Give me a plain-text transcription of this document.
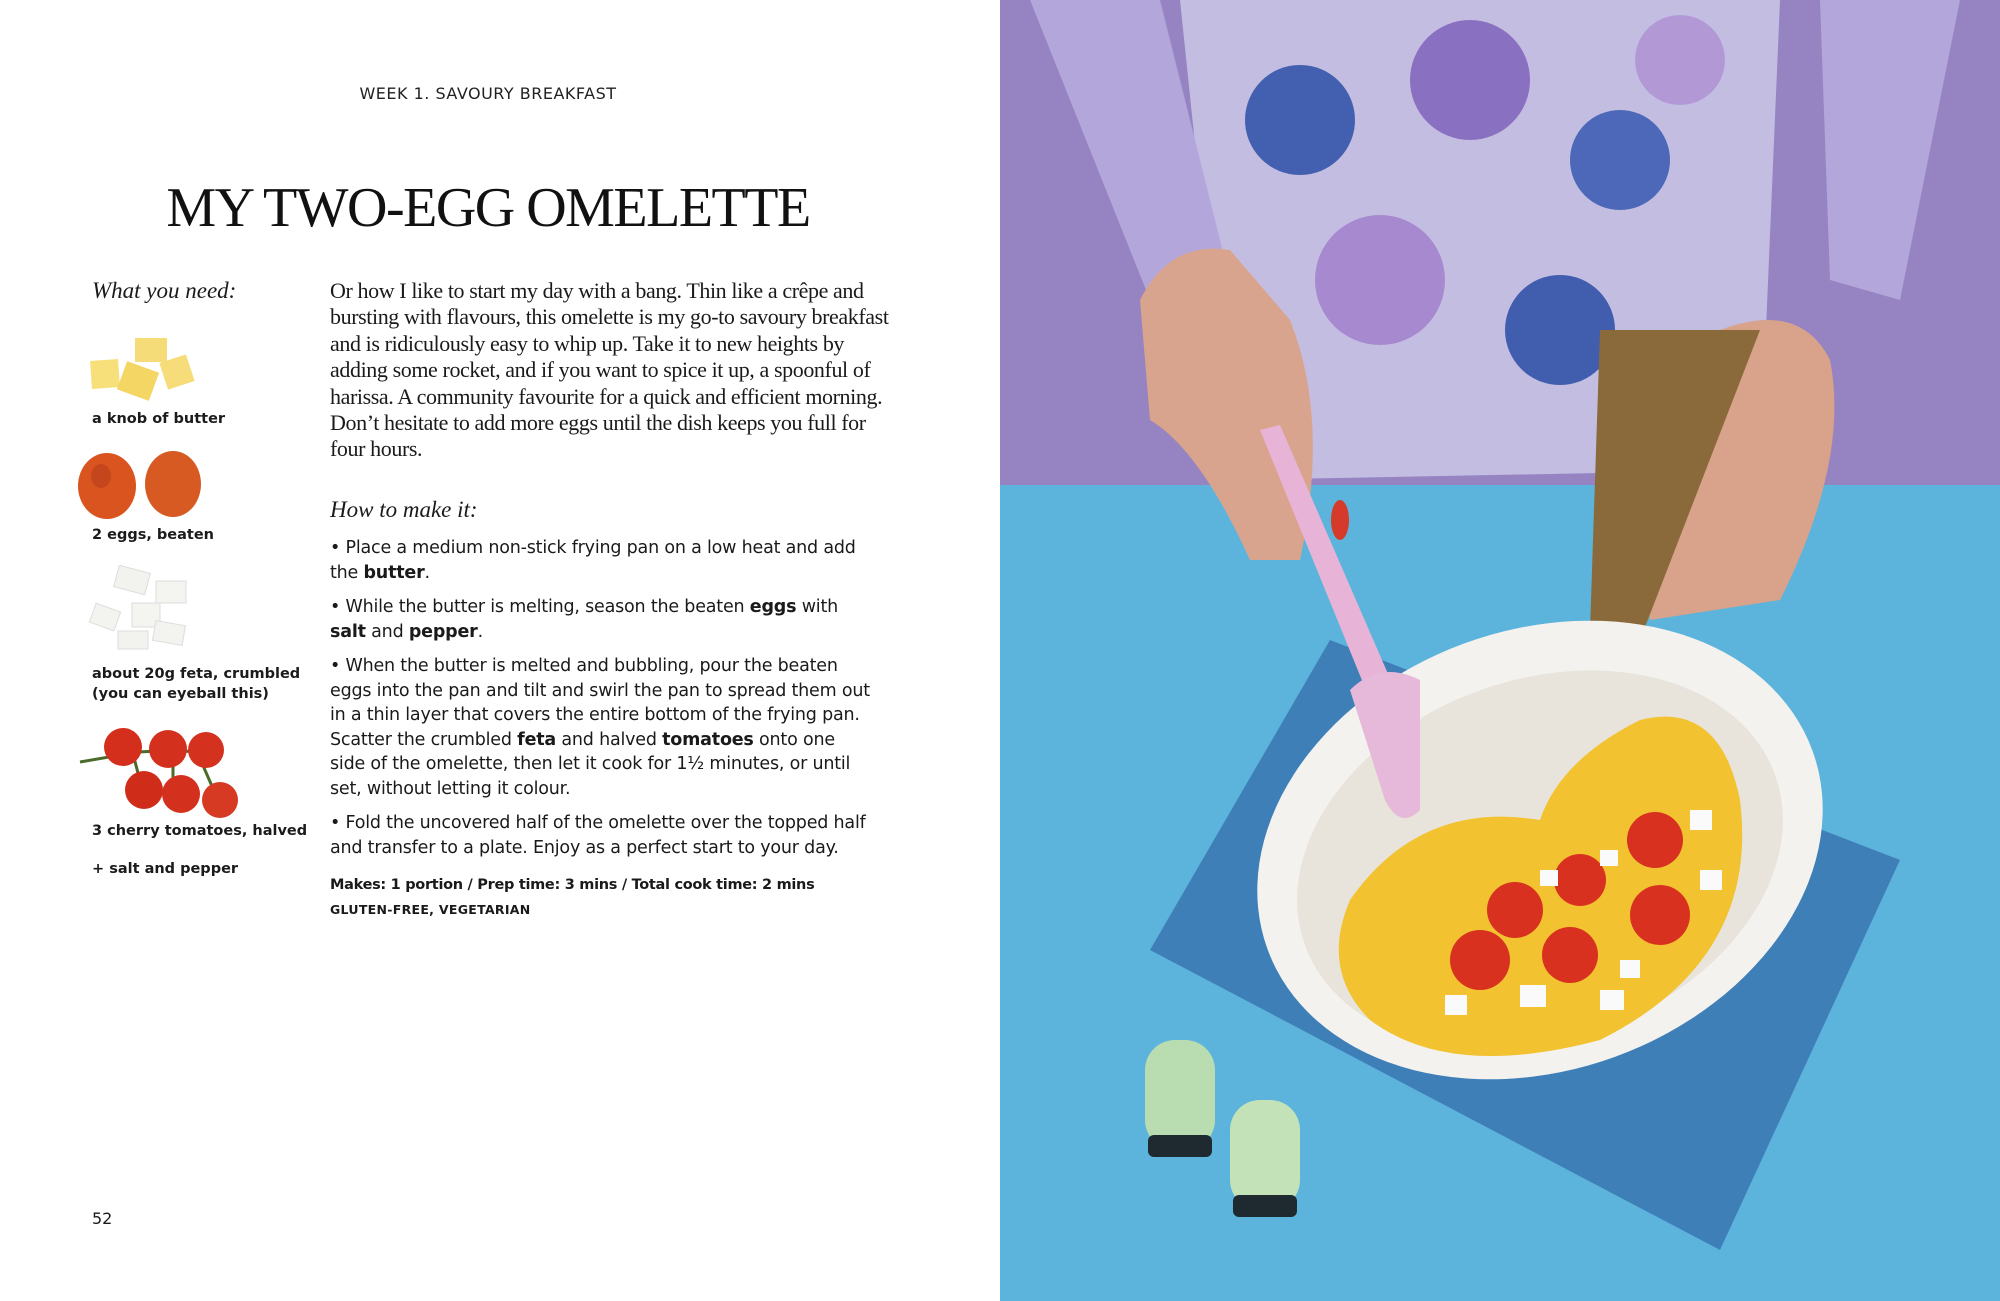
WEEK 1. SAVOURY BREAKFAST
MY TWO-EGG OMELETTE
What you need:
a knob of butter
2 eggs, beaten
about 20g feta, crumbled
(you can eyeball this)
3 cherry tomatoes, halved
+ salt and pepper
Or how I like to start my day with a bang. Thin like a crêpe and bursting with flavours, this omelette is my go-to savoury breakfast and is ridiculously easy to whip up. Take it to new heights by adding some rocket, and if you want to spice it up, a spoonful of harissa. A community favourite for a quick and efficient morning. Don’t hesitate to add more eggs until the dish keeps you full for four hours.
How to make it:
• Place a medium non-stick frying pan on a low heat and add the butter.
• While the butter is melting, season the beaten eggs with salt and pepper.
• When the butter is melted and bubbling, pour the beaten eggs into the pan and tilt and swirl the pan to spread them out in a thin layer that covers the entire bottom of the frying pan. Scatter the crumbled feta and halved tomatoes onto one side of the omelette, then let it cook for 1½ minutes, or until set, without letting it colour.
• Fold the uncovered half of the omelette over the topped half and transfer to a plate. Enjoy as a perfect start to your day.
Makes: 1 portion / Prep time: 3 mins / Total cook time: 2 mins
GLUTEN-FREE, VEGETARIAN
52
